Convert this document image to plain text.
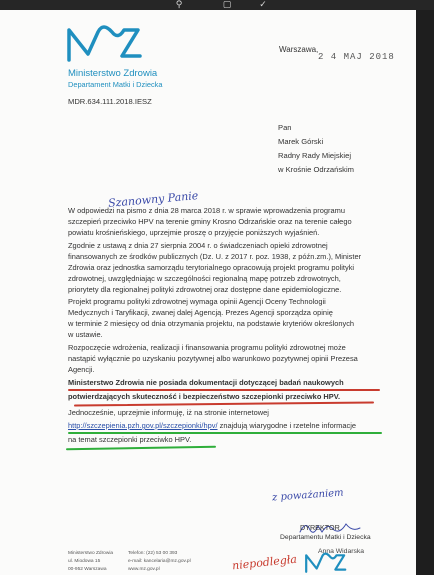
⚲	▢	✓
Ministerstwo Zdrowia
Departament Matki i Dziecka
MDR.634.111.2018.IESZ
Warszawa,
2 4 MAJ 2018
Pan
Marek Górski
Radny Rady Miejskiej
w Krośnie Odrzańskim
Szanowny Panie
W odpowiedzi na pismo z dnia 28 marca 2018 r. w sprawie wprowadzenia programu
szczepień przeciwko HPV na terenie gminy Krosno Odrzańskie oraz na terenie całego
powiatu krośnieńskiego, uprzejmie proszę o przyjęcie poniższych wyjaśnień.
Zgodnie z ustawą z dnia 27 sierpnia 2004 r. o świadczeniach opieki zdrowotnej
finansowanych ze środków publicznych (Dz. U. z 2017 r. poz. 1938, z późn.zm.), Minister
Zdrowia oraz jednostka samorządu terytorialnego opracowują projekt programu polityki
zdrowotnej, uwzględniając w szczególności regionalną mapę potrzeb zdrowotnych,
priorytety dla regionalnej polityki zdrowotnej oraz dostępne dane epidemiologiczne.
Projekt programu polityki zdrowotnej wymaga opinii Agencji Oceny Technologii
Medycznych i Taryfikacji, zwanej dalej Agencją. Prezes Agencji sporządza opinię
w terminie 2 miesięcy od dnia otrzymania projektu, na podstawie kryteriów określonych
w ustawie.
Rozpoczęcie wdrożenia, realizacji i finansowania programu polityki zdrowotnej może
nastąpić wyłącznie po uzyskaniu pozytywnej albo warunkowo pozytywnej opinii Prezesa
Agencji.
Ministerstwo Zdrowia nie posiada dokumentacji dotyczącej badań naukowych
potwierdzających skuteczność i bezpieczeństwo szczepionki przeciwko HPV.
Jednocześnie, uprzejmie informuję, iż na stronie internetowej
http://szczepienia.pzh.gov.pl/szczepionki/hpv/ znajdują wiarygodne i rzetelne informacje
na temat szczepionki przeciwko HPV.
z poważaniem
DYREKTOR
Departamentu Matki i Dziecka
Anna Widarska
Ministerstwo Zdrowia
ul. Miodowa 15
00-952 Warszawa
Telefon: (22) 53 00 393
e-mail: kancelaria@mz.gov.pl
www.mz.gov.pl	niepodległa
